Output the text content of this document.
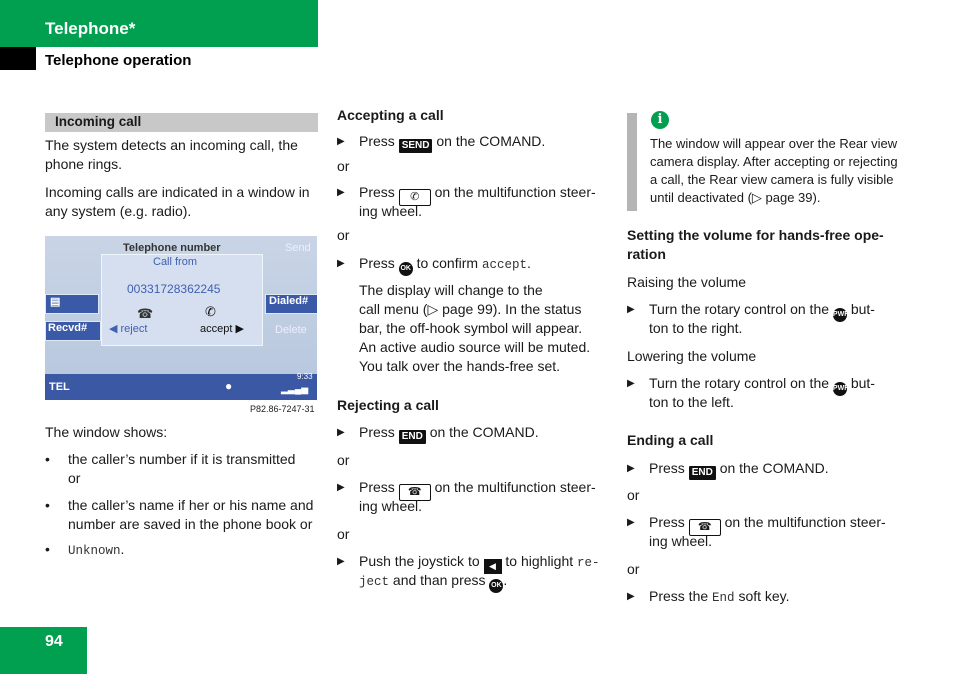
Telephone*
Telephone operation
Incoming call
The system detects an incoming call, the phone rings.
Incoming calls are indicated in a window in any system (e.g. radio).
Telephone number	Send
Call from
00331728362245
◀ reject	accept ▶
☎	✆
▤
Recvd#
Dialed#
Delete
TEL	●
9:33
▂▃▄▅
P82.86-7247-31
The window shows:
• the caller’s number if it is transmitted
or
• the caller’s name if her or his name and
number are saved in the phone book or
• Unknown.
Accepting a call
▶ Press SEND on the COMAND.
or
▶ Press ✆ on the multifunction steer-
ing wheel.
or
▶ Press OK to confirm accept.
The display will change to the
call menu (▷ page 99). In the status
bar, the off-hook symbol will appear.
An active audio source will be muted.
You talk over the hands-free set.
Rejecting a call
▶ Press END on the COMAND.
or
▶ Press ☎ on the multifunction steer-
ing wheel.
or
▶ Push the joystick to ◀ to highlight re-
ject and than press OK .
i
The window will appear over the Rear view camera display. After accepting or rejecting a call, the Rear view camera is fully visible until deactivated (▷ page 39).
Setting the volume for hands-free ope-
ration
Raising the volume
▶ Turn the rotary control on the PWR but-
ton to the right.
Lowering the volume
▶ Turn the rotary control on the PWR but-
ton to the left.
Ending a call
▶ Press END on the COMAND.
or
▶ Press ☎ on the multifunction steer-
ing wheel.
or
▶ Press the End soft key.
94
